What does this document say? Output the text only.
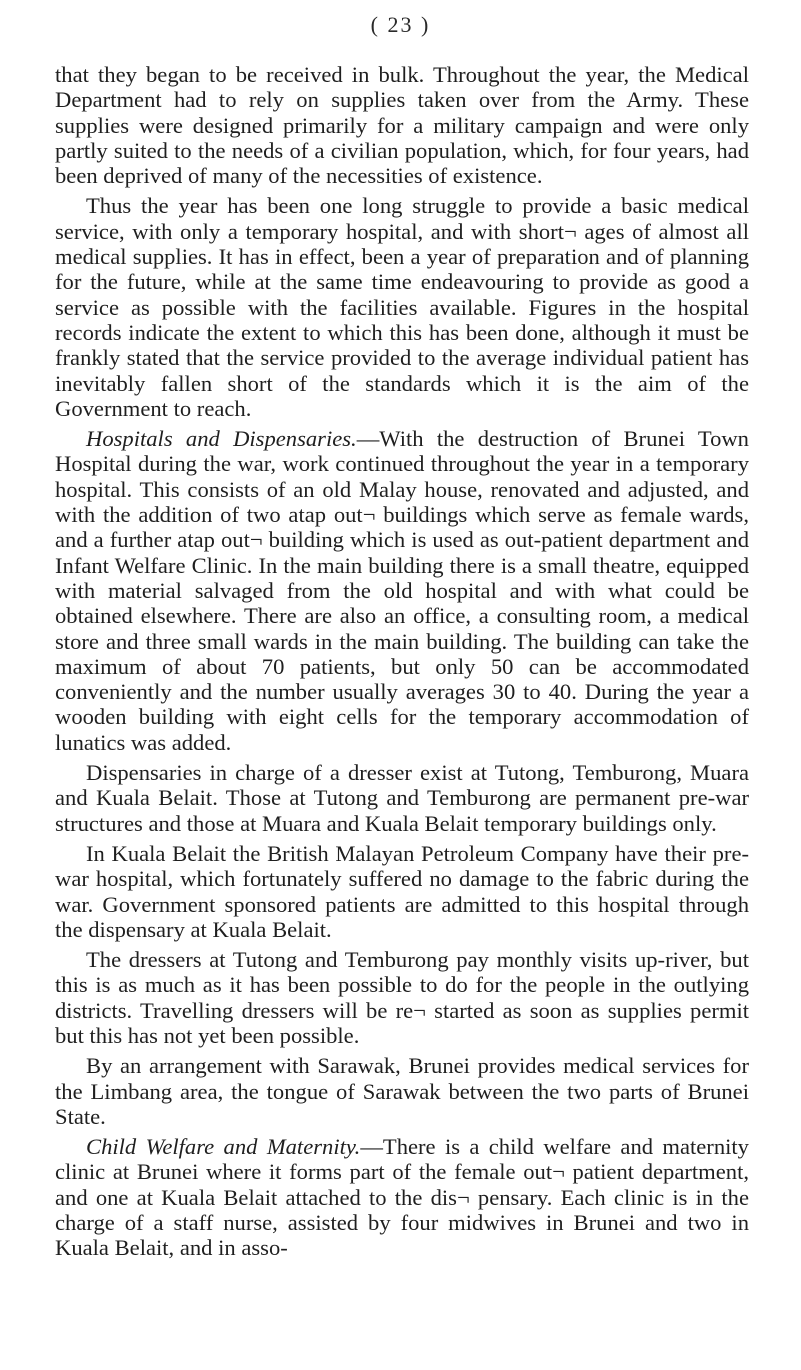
( 23 )

that they began to be received in bulk. Throughout the year, the Medical Department had to rely on supplies taken over from the Army. These supplies were designed primarily for a military campaign and were only partly suited to the needs of a civilian population, which, for four years, had been deprived of many of the necessities of existence.

Thus the year has been one long struggle to provide a basic medical service, with only a temporary hospital, and with short¬ ages of almost all medical supplies. It has in effect, been a year of preparation and of planning for the future, while at the same time endeavouring to provide as good a service as possible with the facilities available. Figures in the hospital records indicate the extent to which this has been done, although it must be frankly stated that the service provided to the average individual patient has inevitably fallen short of the standards which it is the aim of the Government to reach.

Hospitals and Dispensaries.—With the destruction of Brunei Town Hospital during the war, work continued throughout the year in a temporary hospital. This consists of an old Malay house, renovated and adjusted, and with the addition of two atap out¬ buildings which serve as female wards, and a further atap out¬ building which is used as out-patient department and Infant Welfare Clinic. In the main building there is a small theatre, equipped with material salvaged from the old hospital and with what could be obtained elsewhere. There are also an office, a consulting room, a medical store and three small wards in the main building. The building can take the maximum of about 70 patients, but only 50 can be accommodated conveniently and the number usually averages 30 to 40. During the year a wooden building with eight cells for the temporary accommodation of lunatics was added.

Dispensaries in charge of a dresser exist at Tutong, Temburong, Muara and Kuala Belait. Those at Tutong and Temburong are permanent pre-war structures and those at Muara and Kuala Belait temporary buildings only.

In Kuala Belait the British Malayan Petroleum Company have their pre-war hospital, which fortunately suffered no damage to the fabric during the war. Government sponsored patients are admitted to this hospital through the dispensary at Kuala Belait.

The dressers at Tutong and Temburong pay monthly visits up-river, but this is as much as it has been possible to do for the people in the outlying districts. Travelling dressers will be re¬ started as soon as supplies permit but this has not yet been possible.

By an arrangement with Sarawak, Brunei provides medical services for the Limbang area, the tongue of Sarawak between the two parts of Brunei State.

Child Welfare and Maternity.—There is a child welfare and maternity clinic at Brunei where it forms part of the female out¬ patient department, and one at Kuala Belait attached to the dis¬ pensary. Each clinic is in the charge of a staff nurse, assisted by four midwives in Brunei and two in Kuala Belait, and in asso-
